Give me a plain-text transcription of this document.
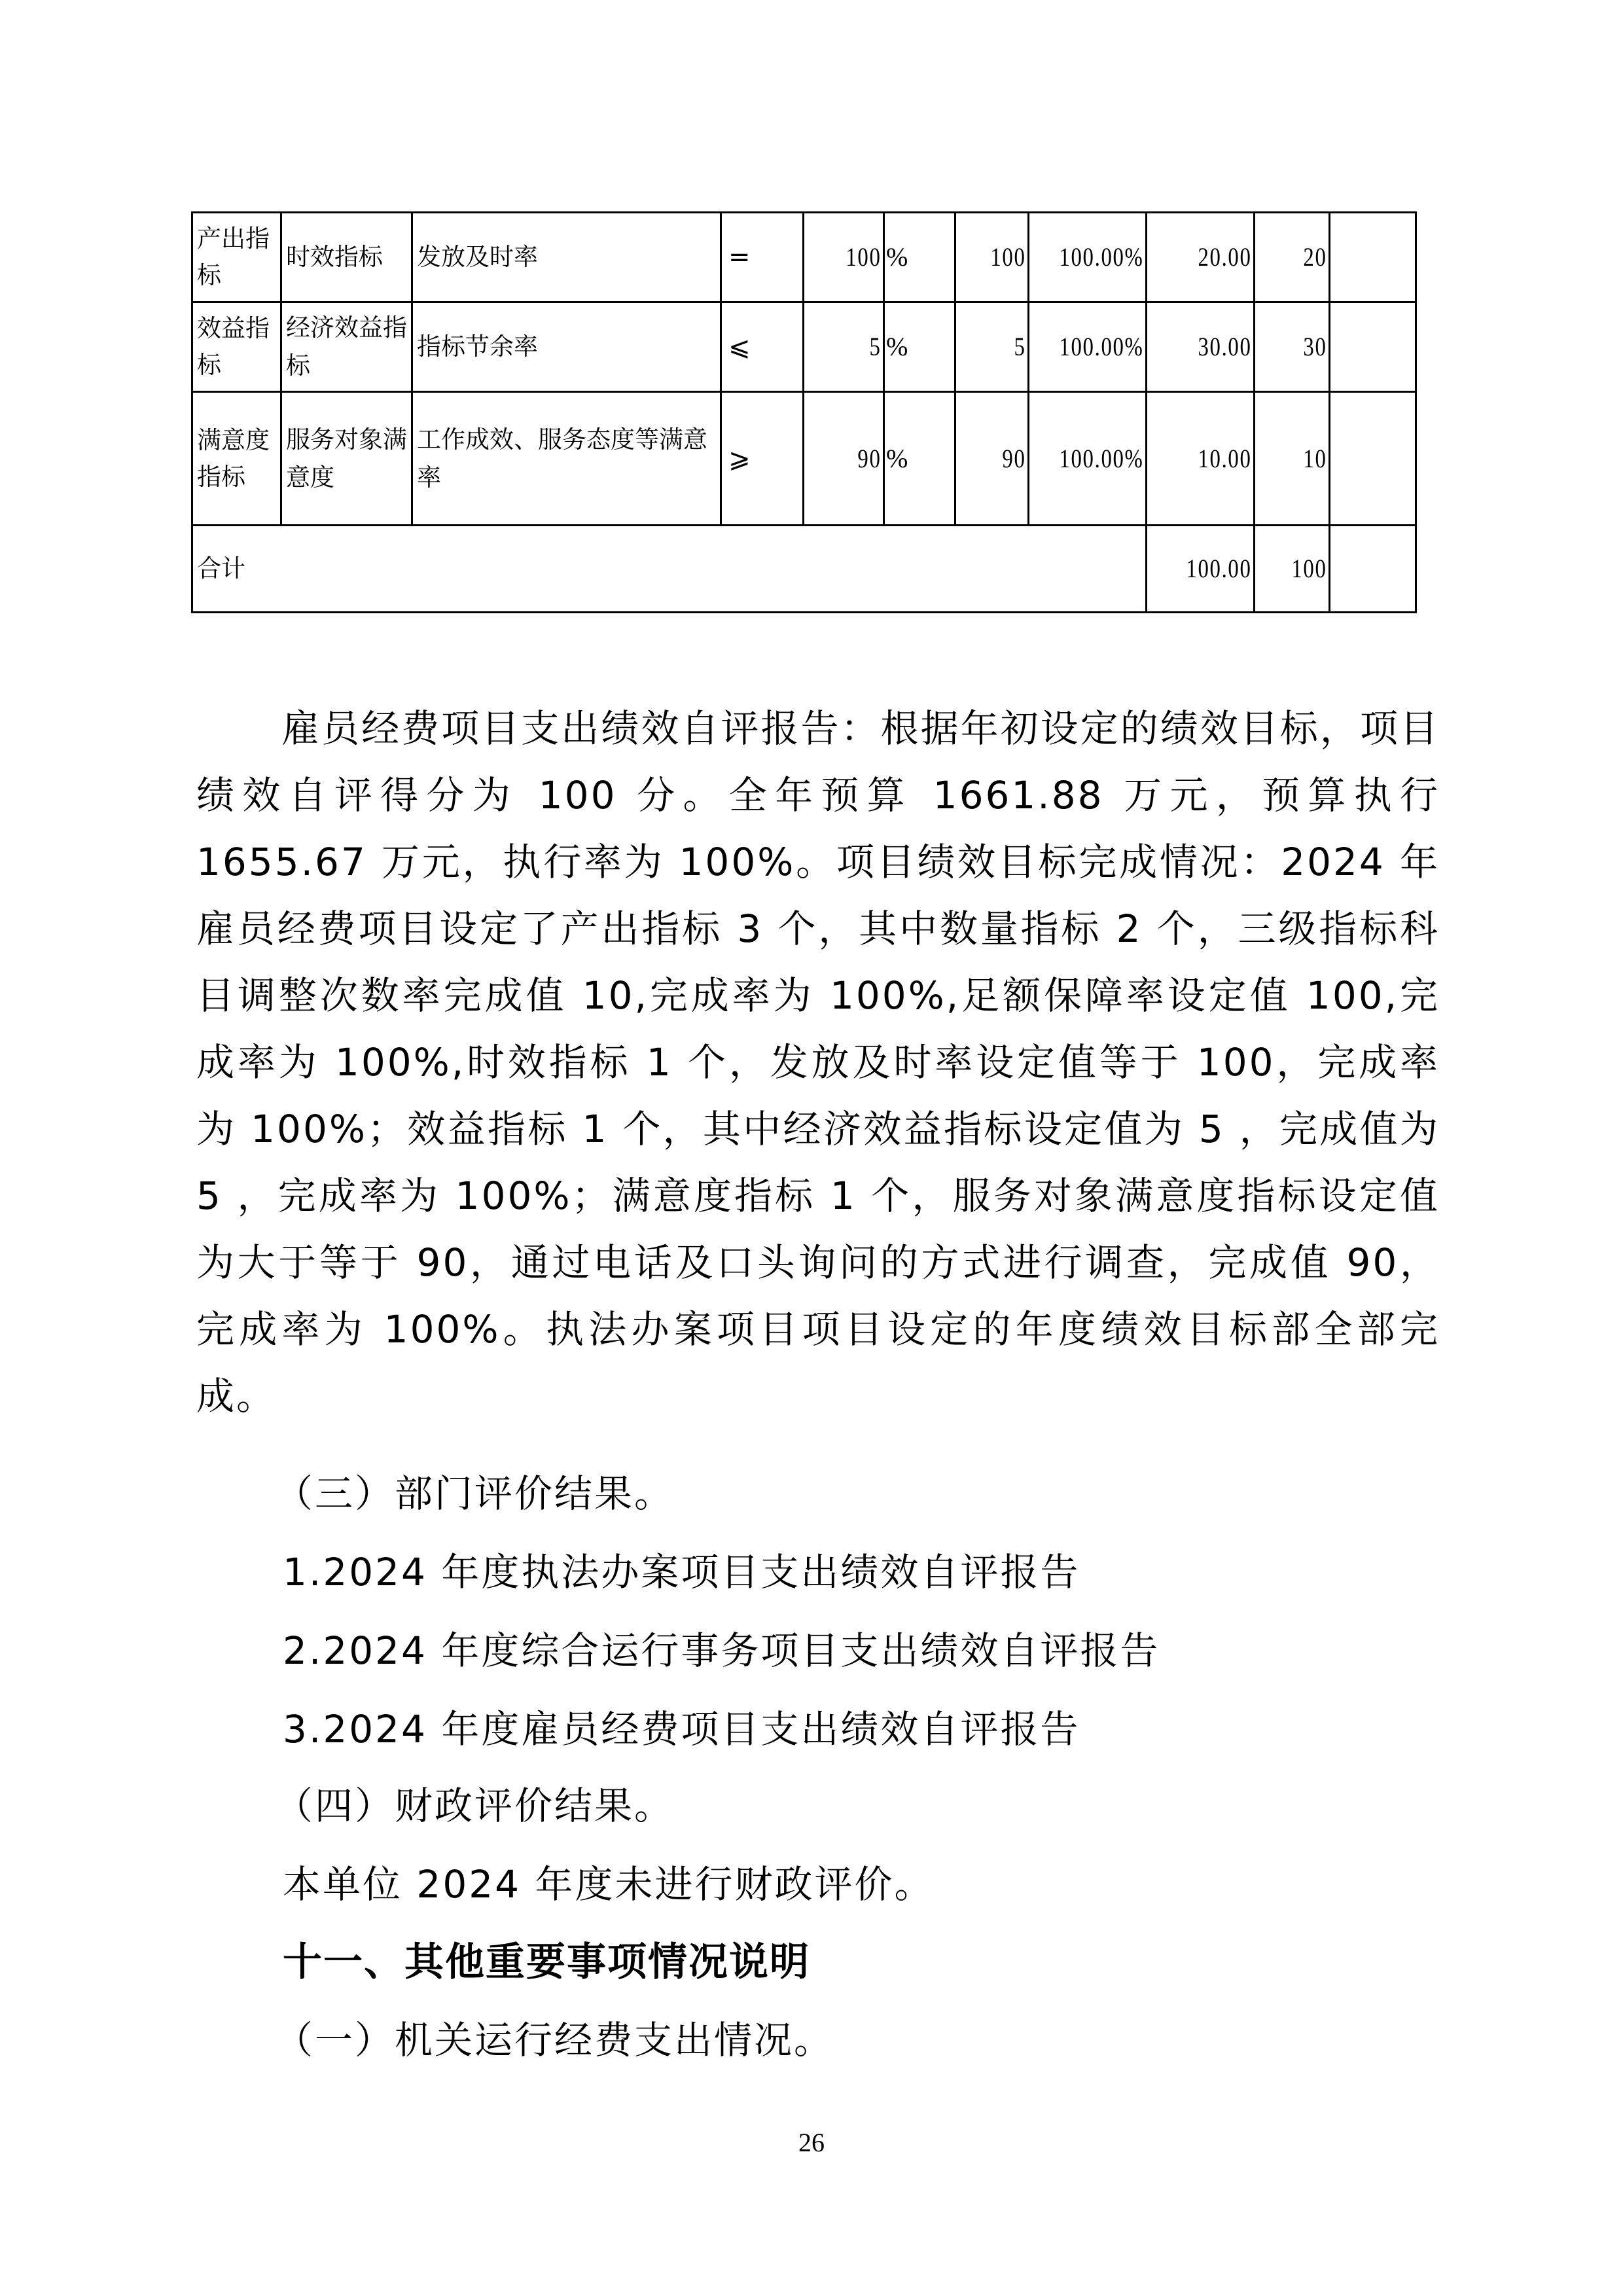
产出指标	时效指标	发放及时率	=	100	%	100	100.00%	20.00	20	
效益指标	经济效益指标	指标节余率	⩽	5	%	5	100.00%	30.00	30	
满意度指标	服务对象满意度	工作成效、服务态度等满意率	⩾	90	%	90	100.00%	10.00	10	
合计								100.00	100	
雇员经费项目支出绩效自评报告：根据年初设定的绩效目标，项目绩效自评得分为 100 分。全年预算 1661.88 万元，预算执行 1655.67 万元，执行率为 100%。项目绩效目标完成情况：2024 年雇员经费项目设定了产出指标 3 个，其中数量指标 2 个，三级指标科目调整次数率完成值 10,完成率为 100%,足额保障率设定值 100,完成率为 100%,时效指标 1 个，发放及时率设定值等于 100，完成率为 100%；效益指标 1 个，其中经济效益指标设定值为 5 ，完成值为 5 ，完成率为 100%；满意度指标 1 个，服务对象满意度指标设定值为大于等于 90，通过电话及口头询问的方式进行调查，完成值 90，完成率为 100%。执法办案项目项目设定的年度绩效目标部全部完成。
（三）部门评价结果。
1.2024 年度执法办案项目支出绩效自评报告
2.2024 年度综合运行事务项目支出绩效自评报告
3.2024 年度雇员经费项目支出绩效自评报告
（四）财政评价结果。
本单位 2024 年度未进行财政评价。
十一、其他重要事项情况说明
（一）机关运行经费支出情况。
26
